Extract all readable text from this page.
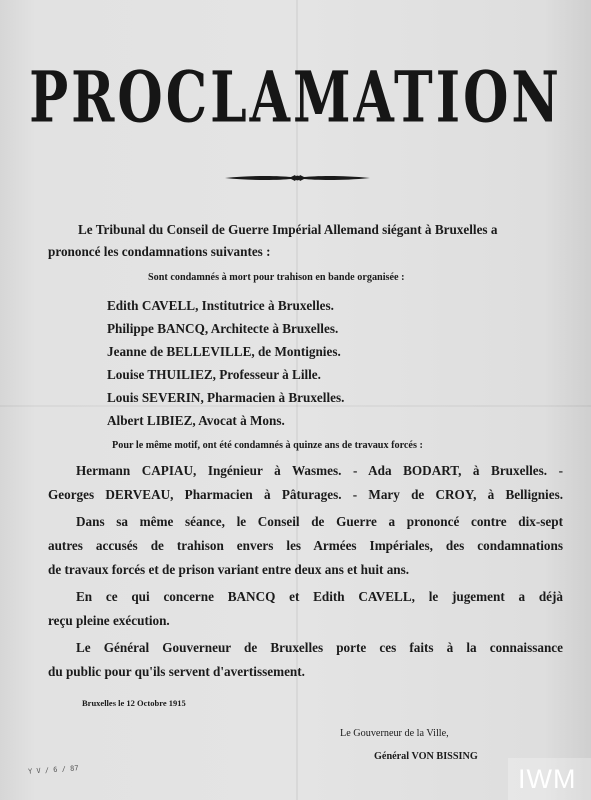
PROCLAMATION
Le Tribunal du Conseil de Guerre Impérial Allemand siégant à Bruxelles a
prononcé les condamnations suivantes :
Sont condamnés à mort pour trahison en bande organisée :
Edith CAVELL, Institutrice à Bruxelles.
Philippe BANCQ, Architecte à Bruxelles.
Jeanne de BELLEVILLE, de Montignies.
Louise THUILIEZ, Professeur à Lille.
Louis SEVERIN, Pharmacien à Bruxelles.
Albert LIBIEZ, Avocat à Mons.
Pour le même motif, ont été condamnés à quinze ans de travaux forcés :
Hermann CAPIAU, Ingénieur à Wasmes. - Ada BODART, à Bruxelles. -
Georges DERVEAU, Pharmacien à Pâturages. - Mary de CROY, à Bellignies.
Dans sa même séance, le Conseil de Guerre a prononcé contre dix-sept
autres accusés de trahison envers les Armées Impériales, des condamnations
de travaux forcés et de prison variant entre deux ans et huit ans.
En ce qui concerne BANCQ et Edith CAVELL, le jugement a déjà
reçu pleine exécution.
Le Général Gouverneur de Bruxelles porte ces faits à la connaissance
du public pour qu'ils servent d'avertissement.
Bruxelles le 12 Octobre 1915
Le Gouverneur de la Ville,
Général VON BISSING
Y V / 6 / 87	IWM
